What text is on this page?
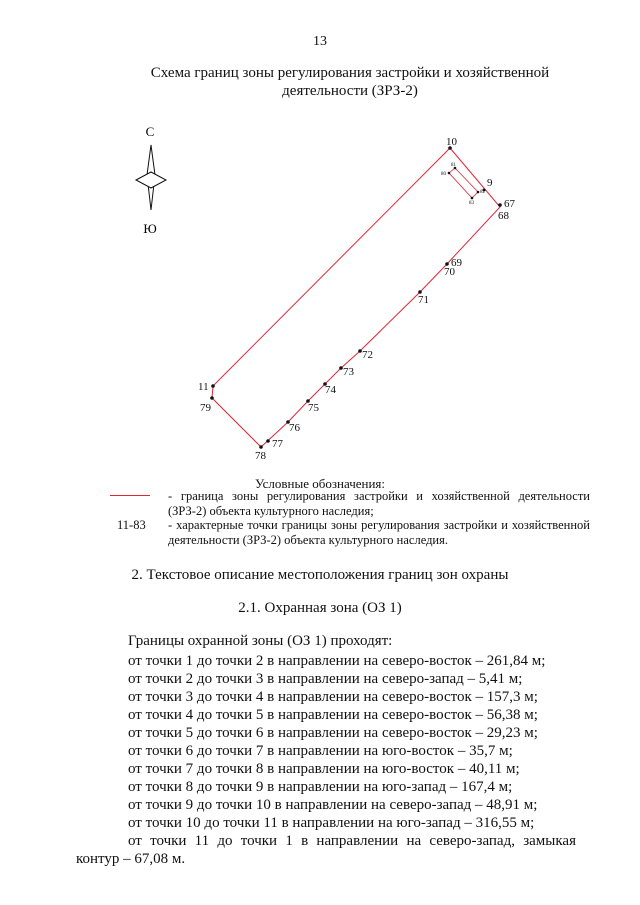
13
Схема границ зоны регулирования застройки и хозяйственной
деятельности (ЗРЗ-2)
С
Ю
10
9
67
68
69
70
71
72
73
74
75
76
77
78
79
11
81
80
82
83
Условные обозначения:
- граница зоны регулирования застройки и хозяйственной деятельности (ЗРЗ-2) объекта культурного наследия;
11-83 - характерные точки границы зоны регулирования застройки и хозяйственной деятельности (ЗРЗ-2) объекта культурного наследия.
2. Текстовое описание местоположения границ зон охраны
2.1. Охранная зона (ОЗ 1)
Границы охранной зоны (ОЗ 1) проходят:
от точки 1 до точки 2 в направлении на северо-восток – 261,84 м;
от точки 2 до точки 3 в направлении на северо-запад – 5,41 м;
от точки 3 до точки 4 в направлении на северо-восток – 157,3 м;
от точки 4 до точки 5 в направлении на северо-восток – 56,38 м;
от точки 5 до точки 6 в направлении на северо-восток – 29,23 м;
от точки 6 до точки 7 в направлении на юго-восток – 35,7 м;
от точки 7 до точки 8 в направлении на юго-восток – 40,11 м;
от точки 8 до точки 9 в направлении на юго-запад – 167,4 м;
от точки 9 до точки 10 в направлении на северо-запад – 48,91 м;
от точки 10 до точки 11 в направлении на юго-запад – 316,55 м;
от точки 11 до точки 1 в направлении на северо-запад, замыкая
контур – 67,08 м.
